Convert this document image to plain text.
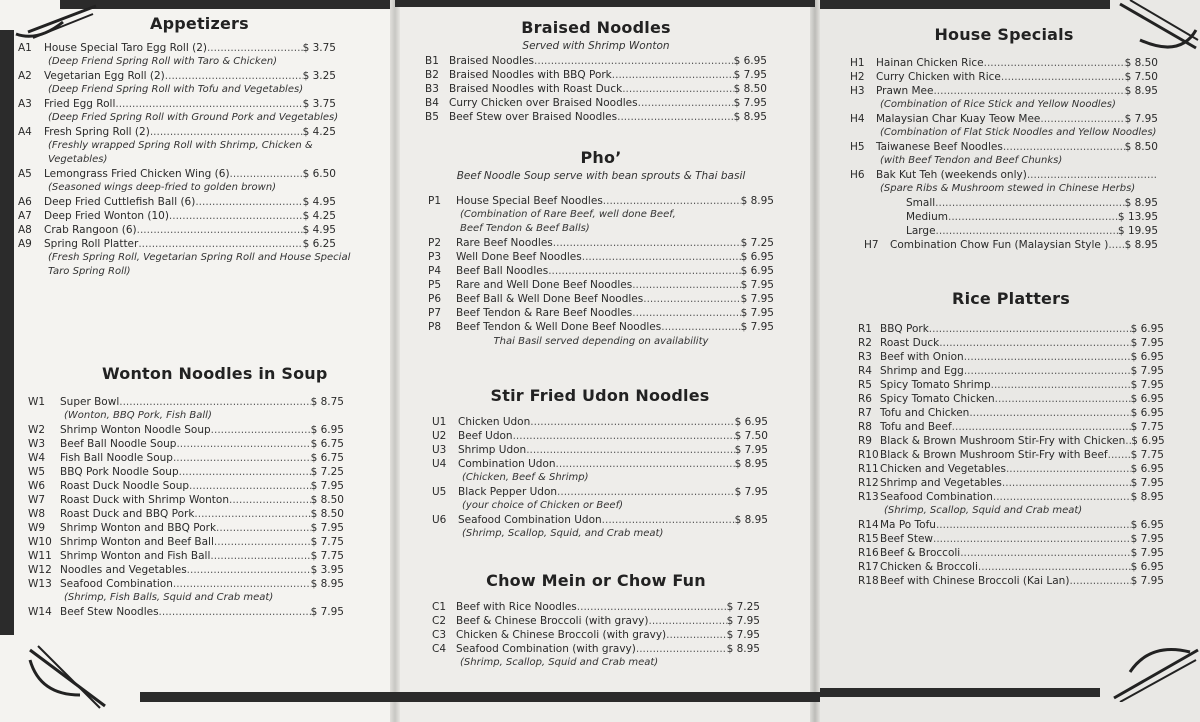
Appetizers
A1	House Special Taro Egg Roll (2) .....	$ 3.75
(Deep Friend Spring Roll with Taro & Chicken)
A2	Vegetarian Egg Roll (2) .....	$ 3.25
(Deep Friend Spring Roll with Tofu and Vegetables)
A3	Fried Egg Roll .....	$ 3.75
(Deep Fried Spring Roll with Ground Pork and Vegetables)
A4	Fresh Spring Roll (2) .....	$ 4.25
(Freshly wrapped Spring Roll with Shrimp, Chicken &
Vegetables)
A5	Lemongrass Fried Chicken Wing (6) .....	$ 6.50
(Seasoned wings deep-fried to golden brown)
A6	Deep Fried Cuttlefish Ball (6) .....	$ 4.95
A7	Deep Fried Wonton (10) .....	$ 4.25
A8	Crab Rangoon (6) .....	$ 4.95
A9	Spring Roll Platter .....	$ 6.25
(Fresh Spring Roll, Vegetarian Spring Roll and House Special
Taro Spring Roll)
Wonton Noodles in Soup
W1	Super Bowl .....	$ 8.75
(Wonton, BBQ Pork, Fish Ball)
W2	Shrimp Wonton Noodle Soup .....	$ 6.95
W3	Beef Ball Noodle Soup .....	$ 6.75
W4	Fish Ball Noodle Soup .....	$ 6.75
W5	BBQ Pork Noodle Soup .....	$ 7.25
W6	Roast Duck Noodle Soup .....	$ 7.95
W7	Roast Duck with Shrimp Wonton .....	$ 8.50
W8	Roast Duck and BBQ Pork .....	$ 8.50
W9	Shrimp Wonton and BBQ Pork .....	$ 7.95
W10 Shrimp Wonton and Beef Ball .....	$ 7.75
W11 Shrimp Wonton and Fish Ball .....	$ 7.75
W12 Noodles and Vegetables .....	$ 3.95
W13 Seafood Combination .....	$ 8.95
(Shrimp, Fish Balls, Squid and Crab meat)
W14 Beef Stew Noodles .....	$ 7.95
Braised Noodles
Served with Shrimp Wonton
B1 Braised Noodles .....	$ 6.95
B2 Braised Noodles with BBQ Pork .....	$ 7.95
B3 Braised Noodles with Roast Duck .....	$ 8.50
B4 Curry Chicken over Braised Noodles .....	$ 7.95
B5 Beef Stew over Braised Noodles .....	$ 8.95
Pho’
Beef Noodle Soup serve with bean sprouts & Thai basil
P1	House Special Beef Noodles .....	$ 8.95
(Combination of Rare Beef, well done Beef,
Beef Tendon & Beef Balls)
P2	Rare Beef Noodles .....	$ 7.25
P3	Well Done Beef Noodles .....	$ 6.95
P4	Beef Ball Noodles .....	$ 6.95
P5	Rare and Well Done Beef Noodles .....	$ 7.95
P6	Beef Ball & Well Done Beef Noodles .....	$ 7.95
P7	Beef Tendon & Rare Beef Noodles .....	$ 7.95
P8	Beef Tendon & Well Done Beef Noodles .....	$ 7.95
Thai Basil served depending on availability
Stir Fried Udon Noodles
U1	Chicken Udon .....	$ 6.95
U2	Beef Udon .....	$ 7.50
U3	Shrimp Udon .....	$ 7.95
U4	Combination Udon .....	$ 8.95
(Chicken, Beef & Shrimp)
U5	Black Pepper Udon .....	$ 7.95
(your choice of Chicken or Beef)
U6	Seafood Combination Udon .....	$ 8.95
(Shrimp, Scallop, Squid, and Crab meat)
Chow Mein or Chow Fun
C1 Beef with Rice Noodles .....	$ 7.25
C2 Beef & Chinese Broccoli (with gravy) .....	$ 7.95
C3 Chicken & Chinese Broccoli (with gravy) .....	$ 7.95
C4 Seafood Combination (with gravy) .....	$ 8.95
(Shrimp, Scallop, Squid and Crab meat)
House Specials
H1	Hainan Chicken Rice .....	$ 8.50
H2	Curry Chicken with Rice .....	$ 7.50
H3	Prawn Mee .....	$ 8.95
(Combination of Rice Stick and Yellow Noodles)
H4	Malaysian Char Kuay Teow Mee .....	$ 7.95
(Combination of Flat Stick Noodles and Yellow Noodles)
H5	Taiwanese Beef Noodles .....	$ 8.50
(with Beef Tendon and Beef Chunks)
H6	Bak Kut Teh (weekends only)
.....
(Spare Ribs & Mushroom stewed in Chinese Herbs)
Small .....	$ 8.95
Medium .....	$ 13.95
Large .....	$ 19.95
H7	Combination Chow Fun (Malaysian Style ) ..... $ 8.95
Rice Platters
R1 BBQ Pork .....	$ 6.95
R2 Roast Duck .....	$ 7.95
R3 Beef with Onion .....	$ 6.95
R4 Shrimp and Egg .....	$ 7.95
R5 Spicy Tomato Shrimp .....	$ 7.95
R6 Spicy Tomato Chicken .....	$ 6.95
R7 Tofu and Chicken .....	$ 6.95
R8 Tofu and Beef .....	$ 7.75
R9 Black & Brown Mushroom Stir-Fry with Chicken ..... $ 6.95
R10 Black & Brown Mushroom Stir-Fry with Beef ..... $ 7.75
R11 Chicken and Vegetables .....	$ 6.95
R12 Shrimp and Vegetables .....	$ 7.95
R13 Seafood Combination .....	$ 8.95
(Shrimp, Scallop, Squid and Crab meat)
R14 Ma Po Tofu .....	$ 6.95
R15 Beef Stew .....	$ 7.95
R16 Beef & Broccoli .....	$ 7.95
R17 Chicken & Broccoli .....	$ 6.95
R18 Beef with Chinese Broccoli (Kai Lan) .....	$ 7.95
